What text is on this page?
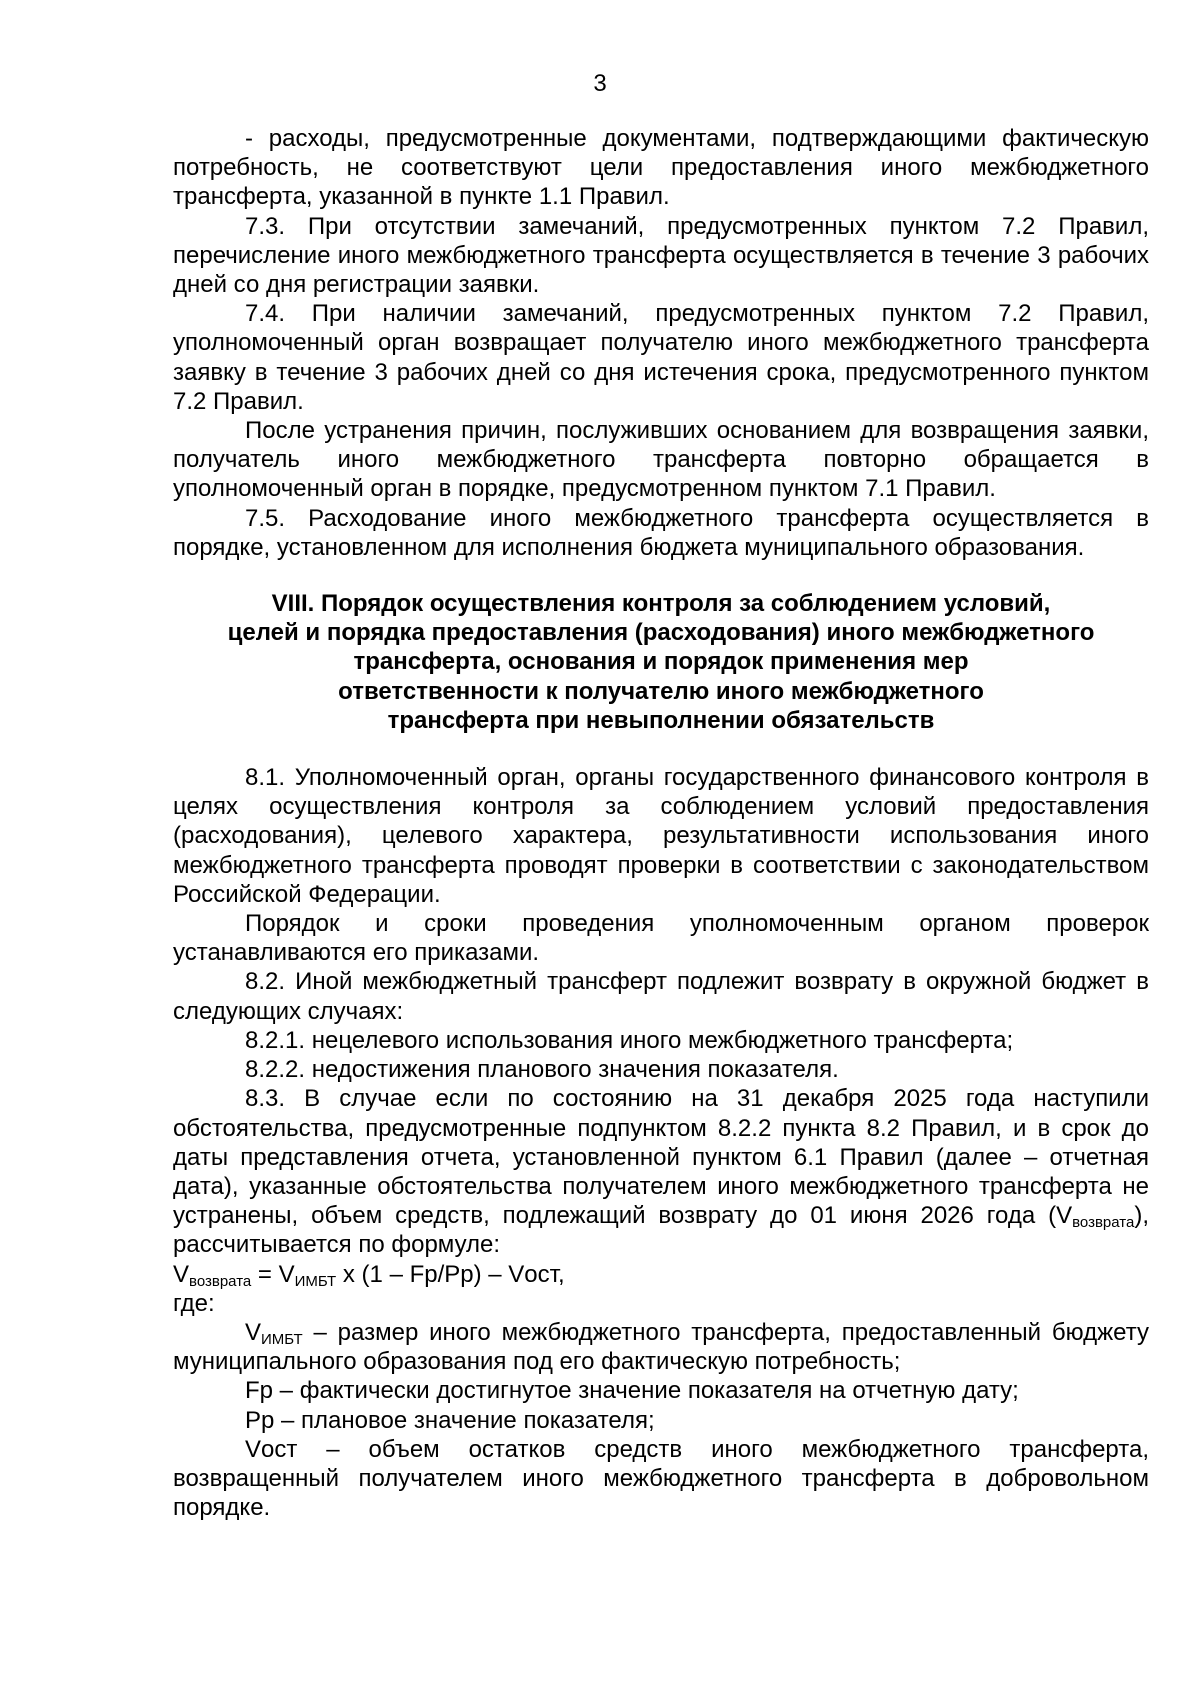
3

- расходы, предусмотренные документами, подтверждающими фактическую потребность, не соответствуют цели предоставления иного межбюджетного трансферта, указанной в пункте 1.1 Правил.

7.3. При отсутствии замечаний, предусмотренных пунктом 7.2 Правил, перечисление иного межбюджетного трансферта осуществляется в течение 3 рабочих дней со дня регистрации заявки.

7.4. При наличии замечаний, предусмотренных пунктом 7.2 Правил, уполномоченный орган возвращает получателю иного межбюджетного трансферта заявку в течение 3 рабочих дней со дня истечения срока, предусмотренного пунктом 7.2 Правил.

После устранения причин, послуживших основанием для возвращения заявки, получатель иного межбюджетного трансферта повторно обращается в уполномоченный орган в порядке, предусмотренном пунктом 7.1 Правил.

7.5. Расходование иного межбюджетного трансферта осуществляется в порядке, установленном для исполнения бюджета муниципального образования.

VIII. Порядок осуществления контроля за соблюдением условий,
целей и порядка предоставления (расходования) иного межбюджетного
трансферта, основания и порядок применения мер
ответственности к получателю иного межбюджетного
трансферта при невыполнении обязательств

8.1. Уполномоченный орган, органы государственного финансового контроля в целях осуществления контроля за соблюдением условий предоставления (расходования), целевого характера, результативности использования иного межбюджетного трансферта проводят проверки в соответствии с законодательством Российской Федерации.

Порядок и сроки проведения уполномоченным органом проверок устанавливаются его приказами.

8.2. Иной межбюджетный трансферт подлежит возврату в окружной бюджет в следующих случаях:

8.2.1. нецелевого использования иного межбюджетного трансферта;

8.2.2. недостижения планового значения показателя.

8.3. В случае если по состоянию на 31 декабря 2025 года наступили обстоятельства, предусмотренные подпунктом 8.2.2 пункта 8.2 Правил, и в срок до даты представления отчета, установленной пунктом 6.1 Правил (далее – отчетная дата), указанные обстоятельства получателем иного межбюджетного трансферта не устранены, объем средств, подлежащий возврату до 01 июня 2026 года $(V_{возврата})$, рассчитывается по формуле:

$V_{возврата} = V_{ИМБТ}$ x (1 – Fp/Pp) – Vост,

где:

$V_{ИМБТ}$ – размер иного межбюджетного трансферта, предоставленный бюджету муниципального образования под его фактическую потребность;

Fp – фактически достигнутое значение показателя на отчетную дату;

Pp – плановое значение показателя;

Vост – объем остатков средств иного межбюджетного трансферта, возвращенный получателем иного межбюджетного трансферта в добровольном порядке.
